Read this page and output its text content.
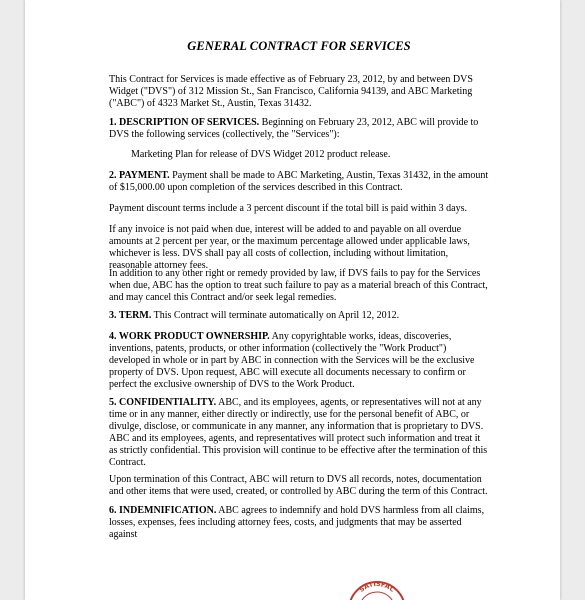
GENERAL CONTRACT FOR SERVICES

This Contract for Services is made effective as of February 23, 2012, by and between DVS Widget ("DVS") of 312 Mission St., San Francisco, California 94139, and ABC Marketing ("ABC") of 4323 Market St., Austin, Texas 31432.

1. DESCRIPTION OF SERVICES. Beginning on February 23, 2012, ABC will provide to DVS the following services (collectively, the "Services"):

Marketing Plan for release of DVS Widget 2012 product release.

2. PAYMENT. Payment shall be made to ABC Marketing, Austin, Texas 31432, in the amount of $15,000.00 upon completion of the services described in this Contract.

Payment discount terms include a 3 percent discount if the total bill is paid within 3 days.

If any invoice is not paid when due, interest will be added to and payable on all overdue amounts at 2 percent per year, or the maximum percentage allowed under applicable laws, whichever is less. DVS shall pay all costs of collection, including without limitation, reasonable attorney fees.

In addition to any other right or remedy provided by law, if DVS fails to pay for the Services when due, ABC has the option to treat such failure to pay as a material breach of this Contract, and may cancel this Contract and/or seek legal remedies.

3. TERM. This Contract will terminate automatically on April 12, 2012.

4. WORK PRODUCT OWNERSHIP. Any copyrightable works, ideas, discoveries, inventions, patents, products, or other information (collectively the "Work Product") developed in whole or in part by ABC in connection with the Services will be the exclusive property of DVS. Upon request, ABC will execute all documents necessary to confirm or perfect the exclusive ownership of DVS to the Work Product.

5. CONFIDENTIALITY. ABC, and its employees, agents, or representatives will not at any time or in any manner, either directly or indirectly, use for the personal benefit of ABC, or divulge, disclose, or communicate in any manner, any information that is proprietary to DVS. ABC and its employees, agents, and representatives will protect such information and treat it as strictly confidential. This provision will continue to be effective after the termination of this Contract.

Upon termination of this Contract, ABC will return to DVS all records, notes, documentation and other items that were used, created, or controlled by ABC during the term of this Contract.

6. INDEMNIFICATION. ABC agrees to indemnify and hold DVS harmless from all claims, losses, expenses, fees including attorney fees, costs, and judgments that may be asserted against

SATISFAC
